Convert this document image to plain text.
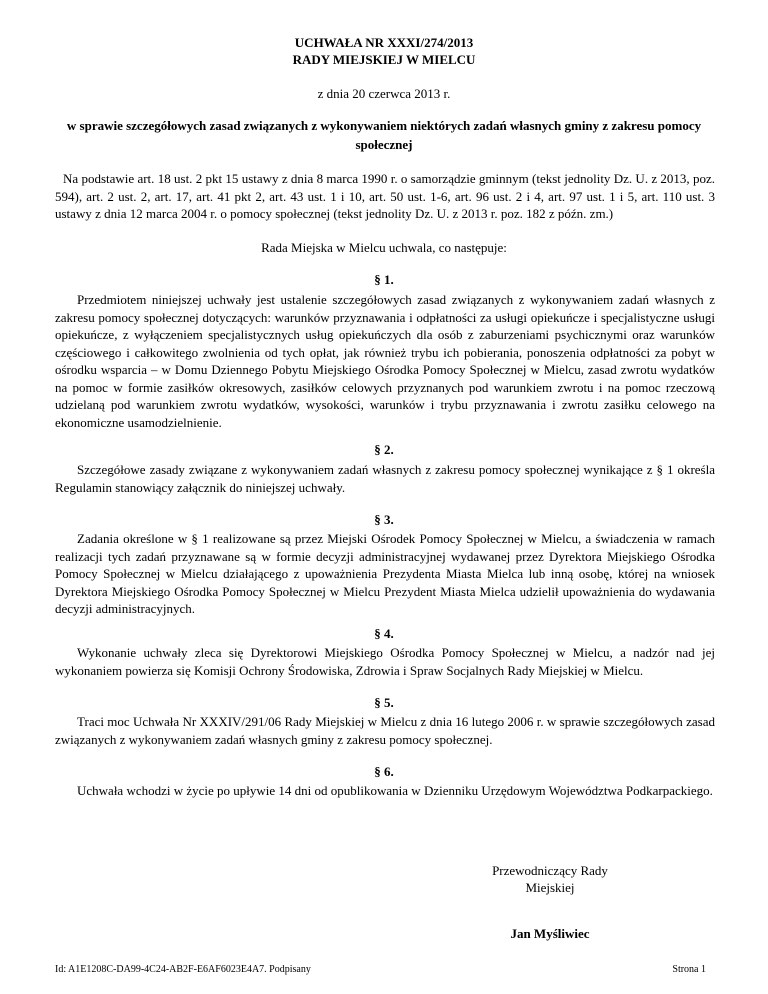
UCHWAŁA NR XXXI/274/2013
RADY MIEJSKIEJ W MIELCU
z dnia 20 czerwca 2013 r.
w sprawie szczegółowych zasad związanych z wykonywaniem niektórych zadań własnych gminy z zakresu pomocy społecznej

Na podstawie art. 18 ust. 2 pkt 15 ustawy z dnia 8 marca 1990 r. o samorządzie gminnym (tekst jednolity Dz. U. z 2013, poz. 594), art. 2 ust. 2, art. 17, art. 41 pkt 2, art. 43 ust. 1 i 10, art. 50 ust. 1-6, art. 96 ust. 2 i 4, art. 97 ust. 1 i 5, art. 110 ust. 3 ustawy z dnia 12 marca 2004 r. o pomocy społecznej (tekst jednolity Dz. U. z 2013 r. poz. 182 z późn. zm.)

Rada Miejska w Mielcu uchwala, co następuje:
§ 1.

Przedmiotem niniejszej uchwały jest ustalenie szczegółowych zasad związanych z wykonywaniem zadań własnych z zakresu pomocy społecznej dotyczących: warunków przyznawania i odpłatności za usługi opiekuńcze i specjalistyczne usługi opiekuńcze, z wyłączeniem specjalistycznych usług opiekuńczych dla osób z zaburzeniami psychicznymi oraz warunków częściowego i całkowitego zwolnienia od tych opłat, jak również trybu ich pobierania, ponoszenia odpłatności za pobyt w ośrodku wsparcia – w Domu Dziennego Pobytu Miejskiego Ośrodka Pomocy Społecznej w Mielcu, zasad zwrotu wydatków na pomoc w formie zasiłków okresowych, zasiłków celowych przyznanych pod warunkiem zwrotu i na pomoc rzeczową udzielaną pod warunkiem zwrotu wydatków, wysokości, warunków i trybu przyznawania i zwrotu zasiłku celowego na ekonomiczne usamodzielnienie.

§ 2.

Szczegółowe zasady związane z wykonywaniem zadań własnych z zakresu pomocy społecznej wynikające z § 1 określa Regulamin stanowiący załącznik do niniejszej uchwały.

§ 3.

Zadania określone w § 1 realizowane są przez Miejski Ośrodek Pomocy Społecznej w Mielcu, a świadczenia w ramach realizacji tych zadań przyznawane są w formie decyzji administracyjnej wydawanej przez Dyrektora Miejskiego Ośrodka Pomocy Społecznej w Mielcu działającego z upoważnienia Prezydenta Miasta Mielca lub inną osobę, której na wniosek Dyrektora Miejskiego Ośrodka Pomocy Społecznej w Mielcu Prezydent Miasta Mielca udzielił upoważnienia do wydawania decyzji administracyjnych.

§ 4.

Wykonanie uchwały zleca się Dyrektorowi Miejskiego Ośrodka Pomocy Społecznej w Mielcu, a nadzór nad jej wykonaniem powierza się Komisji Ochrony Środowiska, Zdrowia i Spraw Socjalnych Rady Miejskiej w Mielcu.

§ 5.

Traci moc Uchwała Nr XXXIV/291/06 Rady Miejskiej w Mielcu z dnia 16 lutego 2006 r. w sprawie szczegółowych zasad związanych z wykonywaniem zadań własnych gminy z zakresu pomocy społecznej.

§ 6.

Uchwała wchodzi w życie po upływie 14 dni od opublikowania w Dzienniku Urzędowym Województwa Podkarpackiego.

Przewodniczący Rady
Miejskiej
Jan Myśliwiec
Id: A1E1208C-DA99-4C24-AB2F-E6AF6023E4A7. Podpisany	Strona 1
